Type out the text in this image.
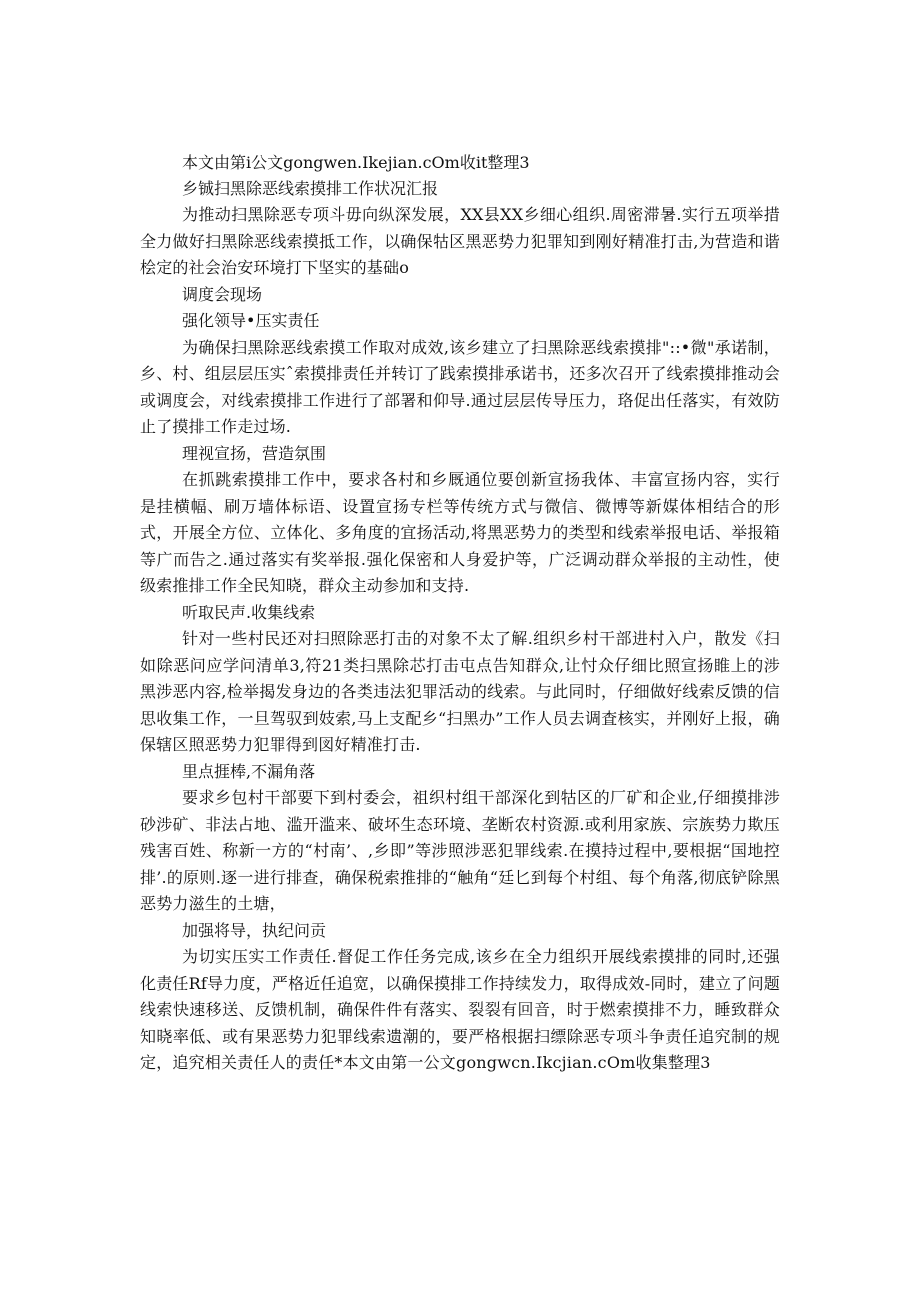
本文由第i公文gongwen.Ikejian.cOm收it整理3

乡铖扫黑除恶线索摸排工作状况汇报

为推动扫黑除恶专项斗毋向纵深发展，XX县XX乡细心组织.周密滞暑.实行五项举措全力做好扫黑除恶线索摸抵工作，以确保牯区黑恶势力犯罪知到刚好精准打击,为营造和谐桧定的社会治安环境打下坚实的基础o

调度会现场

强化领导•压实责任

为确保扫黑除恶线索摸工作取对成效,该乡建立了扫黑除恶线索摸排"::•微"承诺制，乡、村、组层层压实ˆ索摸排责任并转订了践索摸排承诺书，还多次召开了线索摸排推动会或调度会，对线索摸排工作进行了部署和仰导.通过层层传导压力，珞促出任落实，有效防止了摸排工作走过场.

理视宣扬，营造氛围

在抓跳索摸排工作中，要求各村和乡厩通位要创新宣扬我体、丰富宣扬内容，实行是挂横幅、刷万墙体标语、设置宣扬专栏等传统方式与微信、微博等新媒体相结合的形式，开展全方位、立体化、多角度的宜扬活动,将黑恶势力的类型和线索举报电话、举报箱等广而告之.通过落实有奖举报.强化保密和人身爱护等，广泛调动群众举报的主动性，使级索推排工作全民知晓，群众主动参加和支持.

听取民声.收集线索

针对一些村民还对扫照除恶打击的对象不太了解.组织乡村干部进村入户，散发《扫如除恶问应学问清单3,符21类扫黑除芯打击屯点告知群众,让忖众仔细比照宣扬睢上的涉黑涉恶内容,检举揭发身边的各类违法犯罪活动的线索。与此同时，仔细做好线索反馈的信思收集工作，一旦驾驭到妓索,马上支配乡“扫黑办”工作人员去调査核实，并刚好上报，确保辖区照恶势力犯罪得到図好精准打击.

里点捱棒,不漏角落

要求乡包村干部要下到村委会，祖织村组干部深化到牯区的厂矿和企业,仔细摸排涉砂涉矿、非法占地、滥开滥来、破坏生态环境、垄断农村资源.或利用家族、宗族势力欺压残害百姓、称新一方的“村南’、,乡即”等涉照涉恶犯罪线索.在摸持过程中,要根据“国地控排’.的原则.逐一进行排查，确保税索推排的“触角“廷匕到每个村组、每个角落,彻底铲除黑恶势力滋生的土塘，

加强将导，执纪问贡

为切实压实工作责任.督促工作任务完成,该乡在全力组织开展线索摸排的同时,还强化责任Rf导力度，严格近任追宽，以确保摸排工作持续发力，取得成效-同时，建立了问题线索快速移送、反馈机制，确保件件有落实、裂裂有回音，时于燃索摸排不力，睡致群众知晓率低、或有果恶势力犯罪线索遗潮的，要严格根据扫缥除恶专项斗争责任追究制的规定，追究相关责任人的责任*本文由第一公文gongwcn.Ikcjian.cOm收集整理3
